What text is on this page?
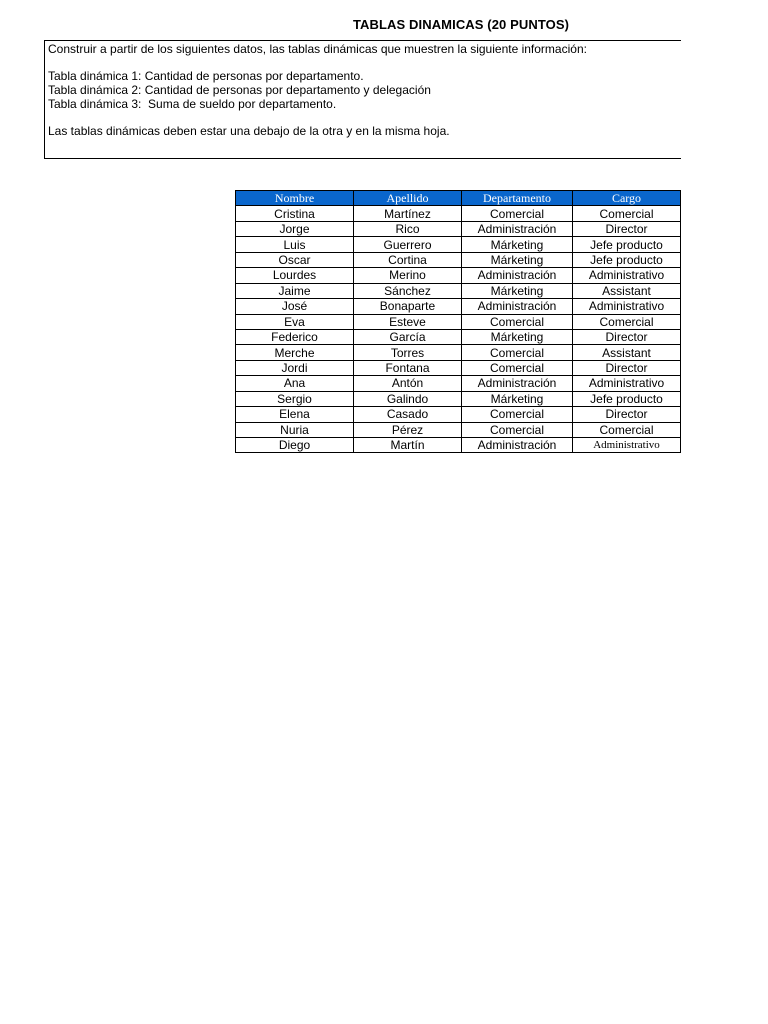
TABLAS DINAMICAS (20 PUNTOS)
Construir a partir de los siguientes datos, las tablas dinámicas que muestren la siguiente información:
Tabla dinámica 1: Cantidad de personas por departamento.
Tabla dinámica 2: Cantidad de personas por departamento y delegación
Tabla dinámica 3:  Suma de sueldo por departamento.
Las tablas dinámicas deben estar una debajo de la otra y en la misma hoja.
Nombre	Apellido	Departamento	Cargo
Cristina	Martínez	Comercial	Comercial
Jorge	Rico	Administración	Director
Luis	Guerrero	Márketing	Jefe producto
Oscar	Cortina	Márketing	Jefe producto
Lourdes	Merino	Administración	Administrativo
Jaime	Sánchez	Márketing	Assistant
José	Bonaparte	Administración	Administrativo
Eva	Esteve	Comercial	Comercial
Federico	García	Márketing	Director
Merche	Torres	Comercial	Assistant
Jordi	Fontana	Comercial	Director
Ana	Antón	Administración	Administrativo
Sergio	Galindo	Márketing	Jefe producto
Elena	Casado	Comercial	Director
Nuria	Pérez	Comercial	Comercial
Diego	Martín	Administración	Administrativo
